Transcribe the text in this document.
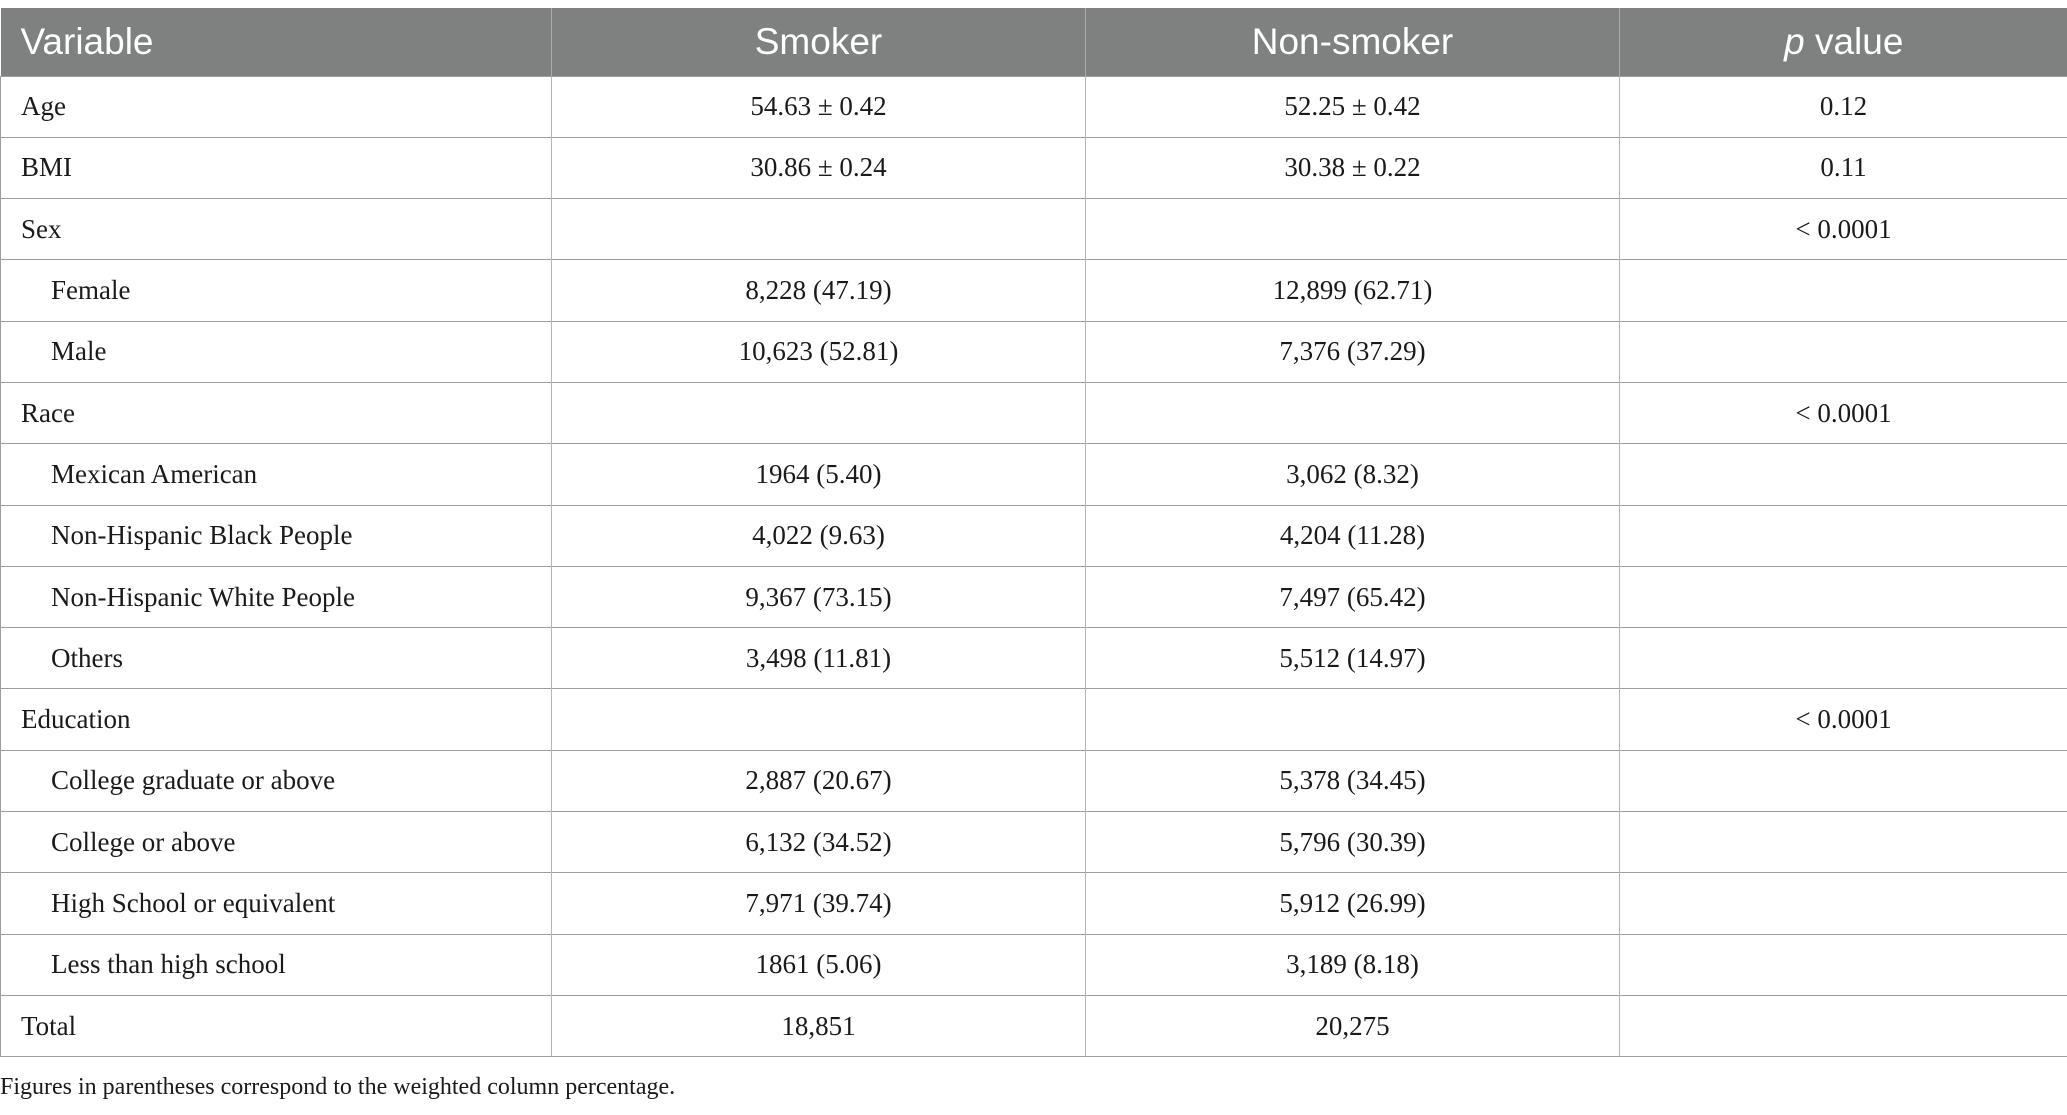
Variable	Smoker	Non-smoker	p value
Age	54.63 ± 0.42	52.25 ± 0.42	0.12
BMI	30.86 ± 0.24	30.38 ± 0.22	0.11
Sex			< 0.0001
Female	8,228 (47.19)	12,899 (62.71)	
Male	10,623 (52.81)	7,376 (37.29)	
Race			< 0.0001
Mexican American	1964 (5.40)	3,062 (8.32)	
Non-Hispanic Black People	4,022 (9.63)	4,204 (11.28)	
Non-Hispanic White People	9,367 (73.15)	7,497 (65.42)	
Others	3,498 (11.81)	5,512 (14.97)	
Education			< 0.0001
College graduate or above	2,887 (20.67)	5,378 (34.45)	
College or above	6,132 (34.52)	5,796 (30.39)	
High School or equivalent	7,971 (39.74)	5,912 (26.99)	
Less than high school	1861 (5.06)	3,189 (8.18)	
Total	18,851	20,275	
Figures in parentheses correspond to the weighted column percentage.
